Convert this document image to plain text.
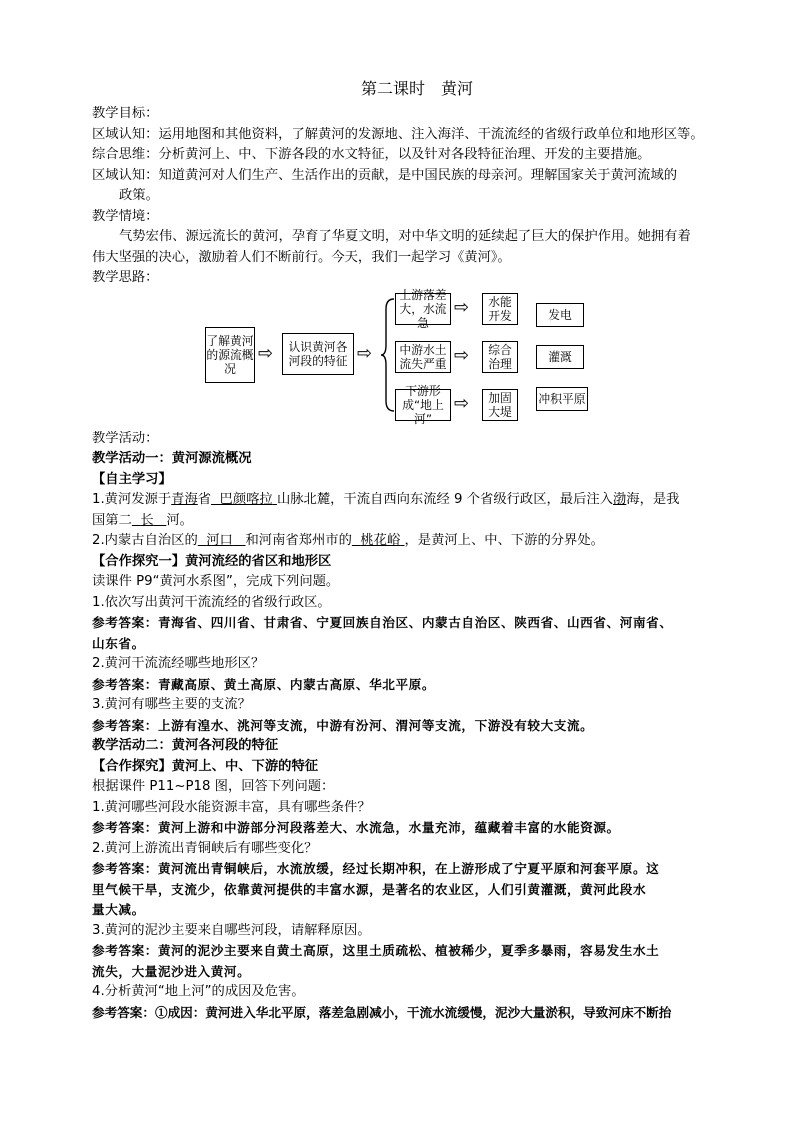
第二课时　黄河
教学目标：
区域认知：运用地图和其他资料，了解黄河的发源地、注入海洋、干流流经的省级行政单位和地形区等。
综合思维：分析黄河上、中、下游各段的水文特征，以及针对各段特征治理、开发的主要措施。
区域认知：知道黄河对人们生产、生活作出的贡献，是中国民族的母亲河。理解国家关于黄河流域的
政策。
教学情境：
气势宏伟、源远流长的黄河，孕育了华夏文明，对中华文明的延续起了巨大的保护作用。她拥有着
伟大坚强的决心，激励着人们不断前行。今天，我们一起学习《黄河》。
教学思路：
了解黄河的源流概况
⇨	认识黄河各河段的特征 ⇨
上游落差大，水流急
⇨	水能开发
中游水土流失严重 ⇨	综合治理
下游形成“地上河”
⇨	加固大堤
发电
灌溉
冲积平原
教学活动：
教学活动一：黄河源流概况
【自主学习】
1.黄河发源于青海省 巴颜喀拉 山脉北麓，干流自西向东流经 9 个省级行政区，最后注入渤海，是我
国第二 长 河。
2.内蒙古自治区的 河口 和河南省郑州市的 桃花峪 ，是黄河上、中、下游的分界处。
【合作探究一】黄河流经的省区和地形区
读课件 P9“黄河水系图”，完成下列问题。
1.依次写出黄河干流流经的省级行政区。
参考答案：青海省、四川省、甘肃省、宁夏回族自治区、内蒙古自治区、陕西省、山西省、河南省、
山东省。
2.黄河干流流经哪些地形区？
参考答案：青藏高原、黄土高原、内蒙古高原、华北平原。
3.黄河有哪些主要的支流？
参考答案：上游有湟水、洮河等支流，中游有汾河、渭河等支流，下游没有较大支流。
教学活动二：黄河各河段的特征
【合作探究】黄河上、中、下游的特征
根据课件 P11~P18 图，回答下列问题：
1.黄河哪些河段水能资源丰富，具有哪些条件？
参考答案：黄河上游和中游部分河段落差大、水流急，水量充沛，蕴藏着丰富的水能资源。
2.黄河上游流出青铜峡后有哪些变化？
参考答案：黄河流出青铜峡后，水流放缓，经过长期冲积，在上游形成了宁夏平原和河套平原。这
里气候干旱，支流少，依靠黄河提供的丰富水源，是著名的农业区，人们引黄灌溉，黄河此段水
量大减。
3.黄河的泥沙主要来自哪些河段，请解释原因。
参考答案：黄河的泥沙主要来自黄土高原，这里土质疏松、植被稀少，夏季多暴雨，容易发生水土
流失，大量泥沙进入黄河。
4.分析黄河“地上河”的成因及危害。
参考答案：①成因：黄河进入华北平原，落差急剧减小，干流水流缓慢，泥沙大量淤积，导致河床不断抬
